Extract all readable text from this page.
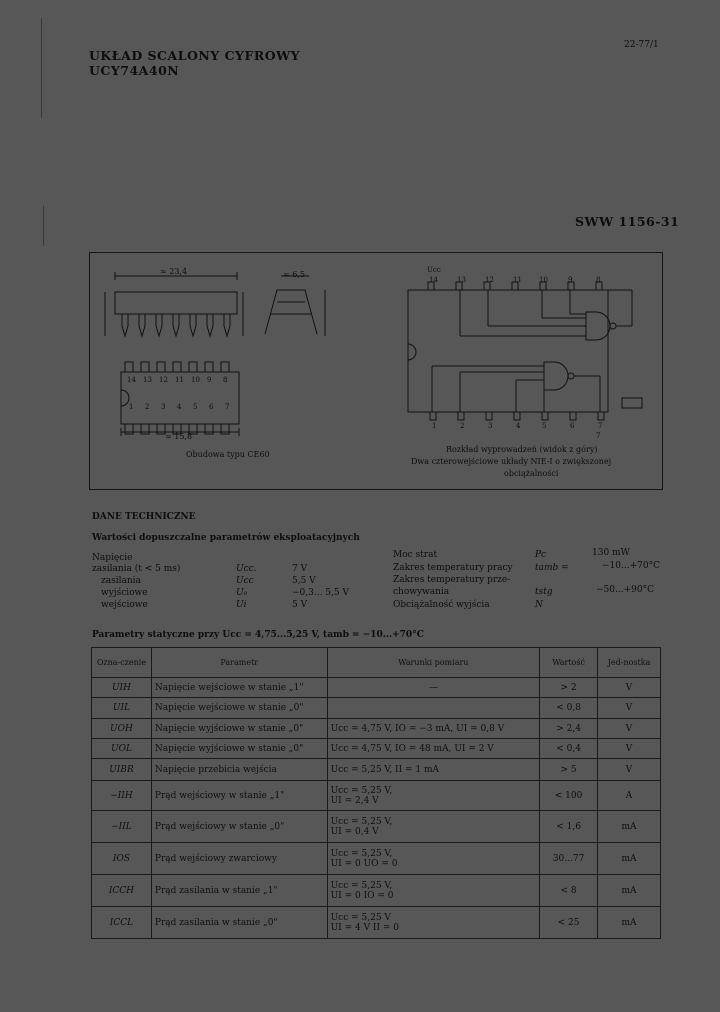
UKŁAD SCALONY CYFROWY
UCY74A40N
22-77/1
SWW 1156-31
≈ 23,4
≈ 15,8
≈ 6,5
14 13 12 11 10 9 8
1 2 3 4 5 6 7
Obudowa typu CE60
Ucc
14	13	12	11 10	9	8
1	2	3	4	5	6	7
7
Rozkład wyprowadzeń (widok z góry)
Dwa czterowejściowe układy NIE-I o zwiększonej
obciążalności
DANE TECHNICZNE
Wartości dopuszczalne parametrów eksploatacyjnych
Napięcie
zasilania (t < 5 ms)	Ucc.	7 V
zasilania	Ucc	5,5 V
wyjściowe	U₀	−0,3... 5,5 V
wejściowe	Ui	5 V
Moc strat	Pc	130 mW
Zakres temperatury pracy tamb =	−10...+70°C
Zakres temperatury prze-
chowywania	tstg	−50...+90°C
Obciążalność wyjścia	N
Parametry statyczne przy Ucc = 4,75...5,25 V, tamb = −10...+70°C
Ozna-czenie	Parametr	Warunki pomiaru	Wartość	Jed-nostka
UIH	Napięcie wejściowe w stanie „1"	—	> 2	V
UIL	Napięcie wejściowe w stanie „0"		< 0,8	V
UOH	Napięcie wyjściowe w stanie „0"	Ucc = 4,75 V, IO = −3 mA, UI = 0,8 V	> 2,4	V
UOL	Napięcie wyjściowe w stanie „0"	Ucc = 4,75 V, IO = 48 mA, UI = 2 V	< 0,4	V
UIBR	Napięcie przebicia wejścia	Ucc = 5,25 V, II = 1 mA	> 5	V
−IIH	Prąd wejściowy w stanie „1"	Ucc = 5,25 V,
UI = 2,4 V	< 100	A
−IIL	Prąd wejściowy w stanie „0"	Ucc = 5,25 V,
UI = 0,4 V	< 1,6	mA
IOS	Prąd wejściowy zwarciowy	Ucc = 5,25 V,
UI = 0 UO = 0	30...77	mA
ICCH	Prąd zasilania w stanie „1"	Ucc = 5,25 V,
UI = 0 IO = 0	< 8	mA
ICCL	Prąd zasilania w stanie „0"	Ucc = 5,25 V
UI = 4 V II = 0	< 25	mA
